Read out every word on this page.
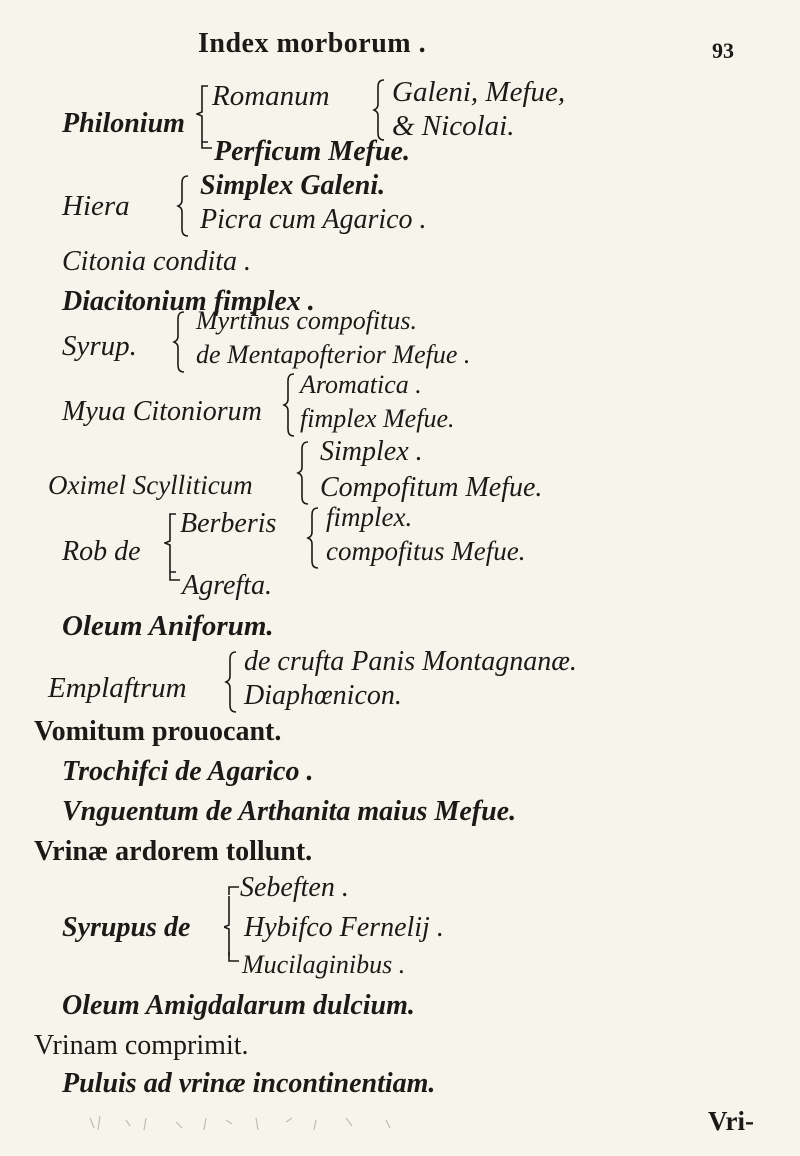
Index morborum .	93
Philonium
Romanum Galeni, Mefue,
& Nicolai.
Perficum Mefue.
Hiera
Simplex Galeni.
Picra cum Agarico .
Citonia condita .
Diacitonium fimplex .
Syrup.
Myrtinus compofitus.
de Mentapofterior Mefue .
Myua Citoniorum
Aromatica .
fimplex Mefue.
Oximel Scylliticum
Simplex .
Compofitum Mefue.
Rob de
Berberis fimplex.
compofitus Mefue.
Agrefta.
Oleum Aniforum.
Emplaftrum
de crufta Panis Montagnanæ.
Diaphœnicon.
Vomitum prouocant.
Trochifci de Agarico .
Vnguentum de Arthanita maius Mefue.
Vrinæ ardorem tollunt.
Sebeften .
Syrupus de Hybifco Fernelij .
Mucilaginibus .
Oleum Amigdalarum dulcium.
Vrinam comprimit.
Puluis ad vrinæ incontinentiam.
Vri-
